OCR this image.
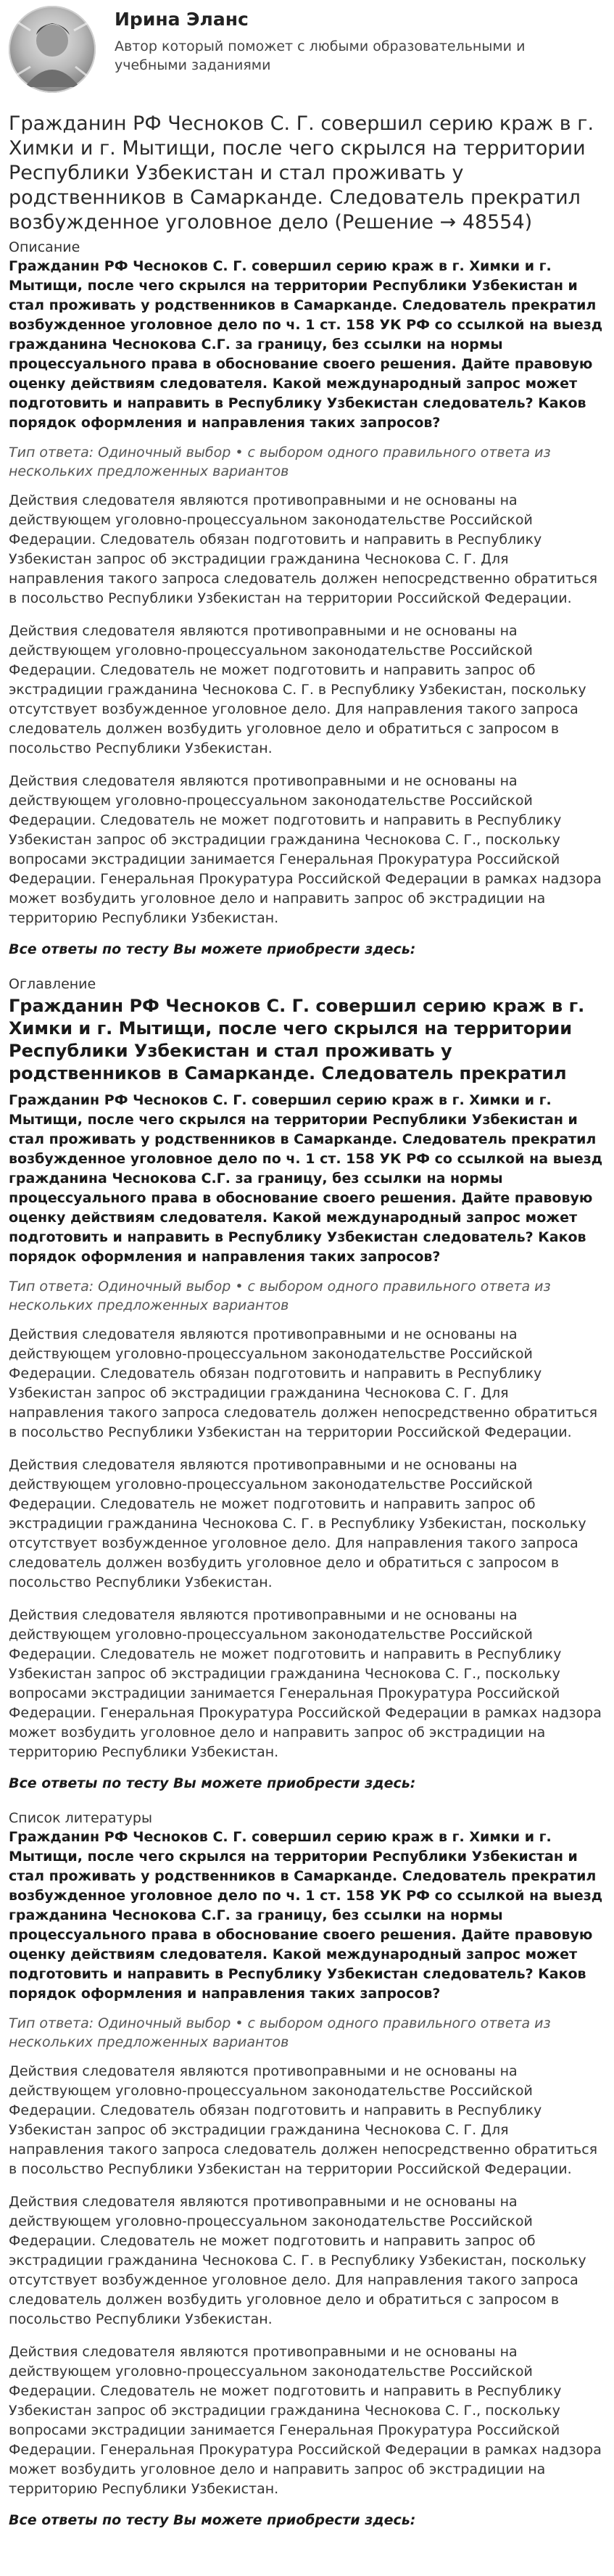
Ирина Эланс
Автор который поможет с любыми образовательными и учебными заданиями
Гражданин РФ Чесноков С. Г. совершил серию краж в г. Химки и г. Мытищи, после чего скрылся на территории Республики Узбекистан и стал проживать у родственников в Самарканде. Следователь прекратил возбужденное уголовное дело (Решение → 48554)
Описание
Гражданин РФ Чесноков С. Г. совершил серию краж в г. Химки и г. Мытищи, после чего скрылся на территории Республики Узбекистан и стал проживать у родственников в Самарканде. Следователь прекратил возбужденное уголовное дело по ч. 1 ст. 158 УК РФ со ссылкой на выезд гражданина Чеснокова С.Г. за границу, без ссылки на нормы процессуального права в обоснование своего решения. Дайте правовую оценку действиям следователя. Какой международный запрос может подготовить и направить в Республику Узбекистан следователь? Каков порядок оформления и направления таких запросов?
Тип ответа: Одиночный выбор • с выбором одного правильного ответа из нескольких предложенных вариантов
Действия следователя являются противоправными и не основаны на действующем уголовно-процессуальном законодательстве Российской Федерации. Следователь обязан подготовить и направить в Республику Узбекистан запрос об экстрадиции гражданина Чеснокова С. Г. Для направления такого запроса следователь должен непосредственно обратиться в посольство Республики Узбекистан на территории Российской Федерации.
Действия следователя являются противоправными и не основаны на действующем уголовно-процессуальном законодательстве Российской Федерации. Следователь не может подготовить и направить запрос об экстрадиции гражданина Чеснокова С. Г. в Республику Узбекистан, поскольку отсутствует возбужденное уголовное дело. Для направления такого запроса следователь должен возбудить уголовное дело и обратиться с запросом в посольство Республики Узбекистан.
Действия следователя являются противоправными и не основаны на действующем уголовно-процессуальном законодательстве Российской Федерации. Следователь не может подготовить и направить в Республику Узбекистан запрос об экстрадиции гражданина Чеснокова С. Г., поскольку вопросами экстрадиции занимается Генеральная Прокуратура Российской Федерации. Генеральная Прокуратура Российской Федерации в рамках надзора может возбудить уголовное дело и направить запрос об экстрадиции на территорию Республики Узбекистан.
Все ответы по тесту Вы можете приобрести здесь:
Оглавление
Гражданин РФ Чесноков С. Г. совершил серию краж в г. Химки и г. Мытищи, после чего скрылся на территории Республики Узбекистан и стал проживать у родственников в Самарканде. Следователь прекратил
Гражданин РФ Чесноков С. Г. совершил серию краж в г. Химки и г. Мытищи, после чего скрылся на территории Республики Узбекистан и стал проживать у родственников в Самарканде. Следователь прекратил возбужденное уголовное дело по ч. 1 ст. 158 УК РФ со ссылкой на выезд гражданина Чеснокова С.Г. за границу, без ссылки на нормы процессуального права в обоснование своего решения. Дайте правовую оценку действиям следователя. Какой международный запрос может подготовить и направить в Республику Узбекистан следователь? Каков порядок оформления и направления таких запросов?
Тип ответа: Одиночный выбор • с выбором одного правильного ответа из нескольких предложенных вариантов
Действия следователя являются противоправными и не основаны на действующем уголовно-процессуальном законодательстве Российской Федерации. Следователь обязан подготовить и направить в Республику Узбекистан запрос об экстрадиции гражданина Чеснокова С. Г. Для направления такого запроса следователь должен непосредственно обратиться в посольство Республики Узбекистан на территории Российской Федерации.
Действия следователя являются противоправными и не основаны на действующем уголовно-процессуальном законодательстве Российской Федерации. Следователь не может подготовить и направить запрос об экстрадиции гражданина Чеснокова С. Г. в Республику Узбекистан, поскольку отсутствует возбужденное уголовное дело. Для направления такого запроса следователь должен возбудить уголовное дело и обратиться с запросом в посольство Республики Узбекистан.
Действия следователя являются противоправными и не основаны на действующем уголовно-процессуальном законодательстве Российской Федерации. Следователь не может подготовить и направить в Республику Узбекистан запрос об экстрадиции гражданина Чеснокова С. Г., поскольку вопросами экстрадиции занимается Генеральная Прокуратура Российской Федерации. Генеральная Прокуратура Российской Федерации в рамках надзора может возбудить уголовное дело и направить запрос об экстрадиции на территорию Республики Узбекистан.
Все ответы по тесту Вы можете приобрести здесь:
Список литературы
Гражданин РФ Чесноков С. Г. совершил серию краж в г. Химки и г. Мытищи, после чего скрылся на территории Республики Узбекистан и стал проживать у родственников в Самарканде. Следователь прекратил возбужденное уголовное дело по ч. 1 ст. 158 УК РФ со ссылкой на выезд гражданина Чеснокова С.Г. за границу, без ссылки на нормы процессуального права в обоснование своего решения. Дайте правовую оценку действиям следователя. Какой международный запрос может подготовить и направить в Республику Узбекистан следователь? Каков порядок оформления и направления таких запросов?
Тип ответа: Одиночный выбор • с выбором одного правильного ответа из нескольких предложенных вариантов
Действия следователя являются противоправными и не основаны на действующем уголовно-процессуальном законодательстве Российской Федерации. Следователь обязан подготовить и направить в Республику Узбекистан запрос об экстрадиции гражданина Чеснокова С. Г. Для направления такого запроса следователь должен непосредственно обратиться в посольство Республики Узбекистан на территории Российской Федерации.
Действия следователя являются противоправными и не основаны на действующем уголовно-процессуальном законодательстве Российской Федерации. Следователь не может подготовить и направить запрос об экстрадиции гражданина Чеснокова С. Г. в Республику Узбекистан, поскольку отсутствует возбужденное уголовное дело. Для направления такого запроса следователь должен возбудить уголовное дело и обратиться с запросом в посольство Республики Узбекистан.
Действия следователя являются противоправными и не основаны на действующем уголовно-процессуальном законодательстве Российской Федерации. Следователь не может подготовить и направить в Республику Узбекистан запрос об экстрадиции гражданина Чеснокова С. Г., поскольку вопросами экстрадиции занимается Генеральная Прокуратура Российской Федерации. Генеральная Прокуратура Российской Федерации в рамках надзора может возбудить уголовное дело и направить запрос об экстрадиции на территорию Республики Узбекистан.
Все ответы по тесту Вы можете приобрести здесь:
